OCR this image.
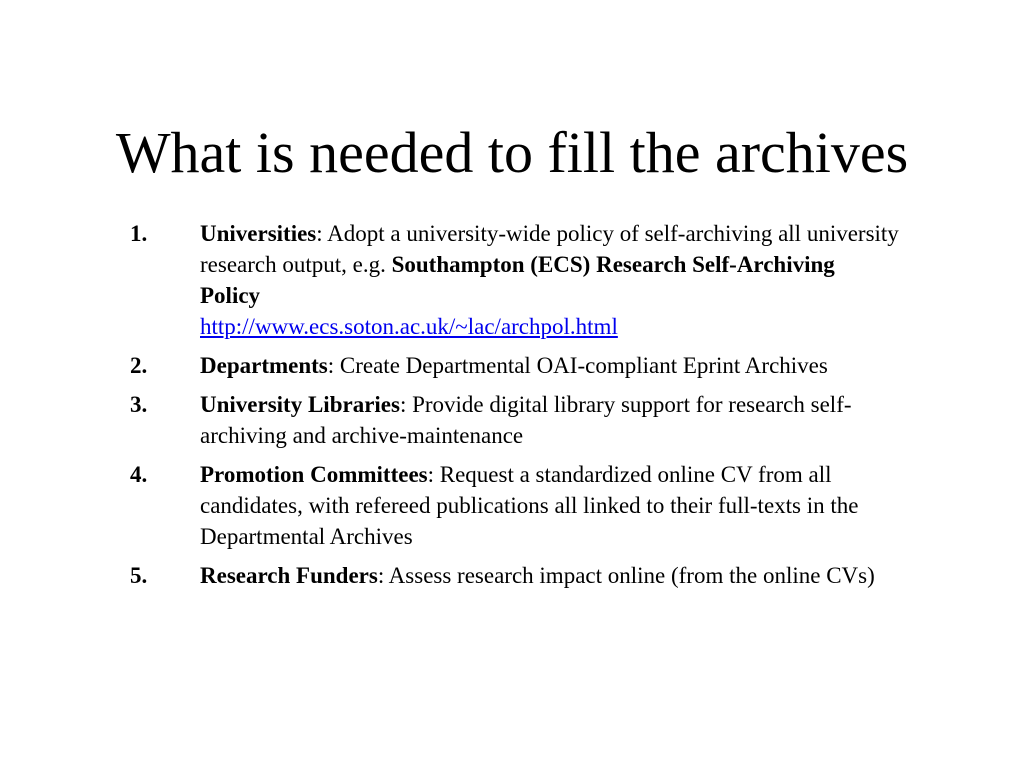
What is needed to fill the archives
1. Universities: Adopt a university-wide policy of self-archiving all university research output, e.g. Southampton (ECS) Research Self-Archiving Policy
http://www.ecs.soton.ac.uk/~lac/archpol.html
2. Departments: Create Departmental OAI-compliant Eprint Archives
3. University Libraries: Provide digital library support for research self-archiving and archive-maintenance
4. Promotion Committees: Request a standardized online CV from all candidates, with refereed publications all linked to their full-texts in the Departmental Archives
5. Research Funders: Assess research impact online (from the online CVs)
